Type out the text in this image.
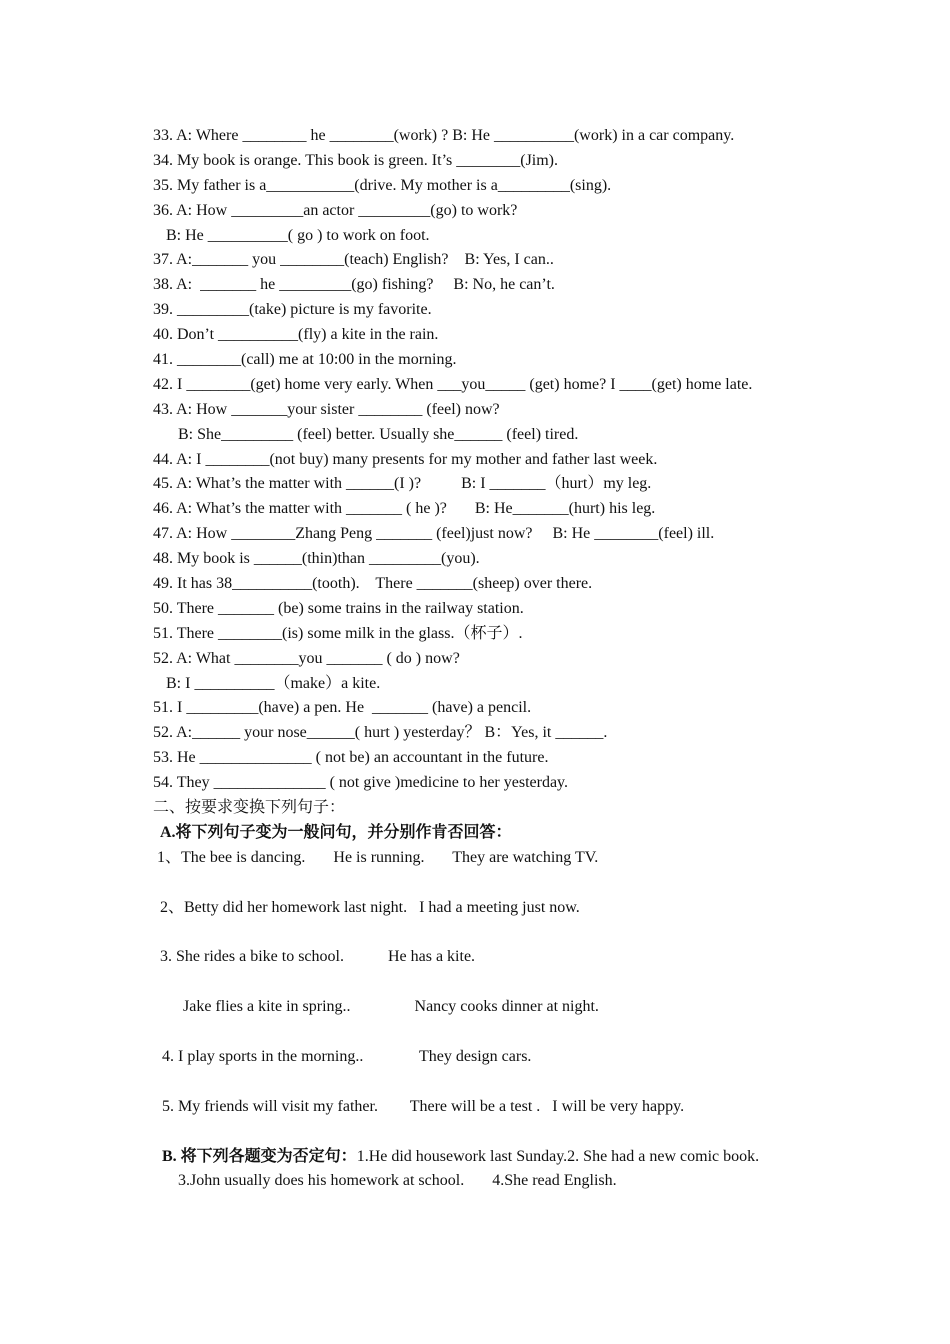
33. A: Where ________ he ________(work) ? B: He __________(work) in a car company.
34. My book is orange. This book is green. It’s ________(Jim).
35. My father is a___________(drive. My mother is a_________(sing).
36. A: How _________an actor _________(go) to work?
B: He __________( go ) to work on foot.
37. A:_______ you ________(teach) English?    B: Yes, I can..
38. A:  _______ he _________(go) fishing?     B: No, he can’t.
39. _________(take) picture is my favorite.
40. Don’t __________(fly) a kite in the rain.
41. ________(call) me at 10:00 in the morning.
42. I ________(get) home very early. When ___you_____ (get) home? I ____(get) home late.
43. A: How _______your sister ________ (feel) now?
B: She_________ (feel) better. Usually she______ (feel) tired.
44. A: I ________(not buy) many presents for my mother and father last week.
45. A: What’s the matter with ______(I )?          B: I _______（hurt）my leg.
46. A: What’s the matter with _______ ( he )?       B: He_______(hurt) his leg.
47. A: How ________Zhang Peng _______ (feel)just now?     B: He ________(feel) ill.
48. My book is ______(thin)than _________(you).
49. It has 38__________(tooth).    There _______(sheep) over there.
50. There _______ (be) some trains in the railway station.
51. There ________(is) some milk in the glass.（杯子）.
52. A: What ________you _______ ( do ) now?
B: I __________（make）a kite.
51. I _________(have) a pen. He  _______ (have) a pencil.
52. A:______ your nose______( hurt ) yesterday？ B：Yes, it ______.
53. He ______________ ( not be) an accountant in the future.
54. They ______________ ( not give )medicine to her yesterday.
二、按要求变换下列句子：
A.将下列句子变为一般问句，并分别作肯否回答：
1、The bee is dancing.       He is running.       They are watching TV.
2、Betty did her homework last night.   I had a meeting just now.
3. She rides a bike to school.           He has a kite.
Jake flies a kite in spring..                Nancy cooks dinner at night.
4. I play sports in the morning..              They design cars.
5. My friends will visit my father.        There will be a test .   I will be very happy.
B. 将下列各题变为否定句：1.He did housework last Sunday.2. She had a new comic book.
3.John usually does his homework at school.       4.She read English.
